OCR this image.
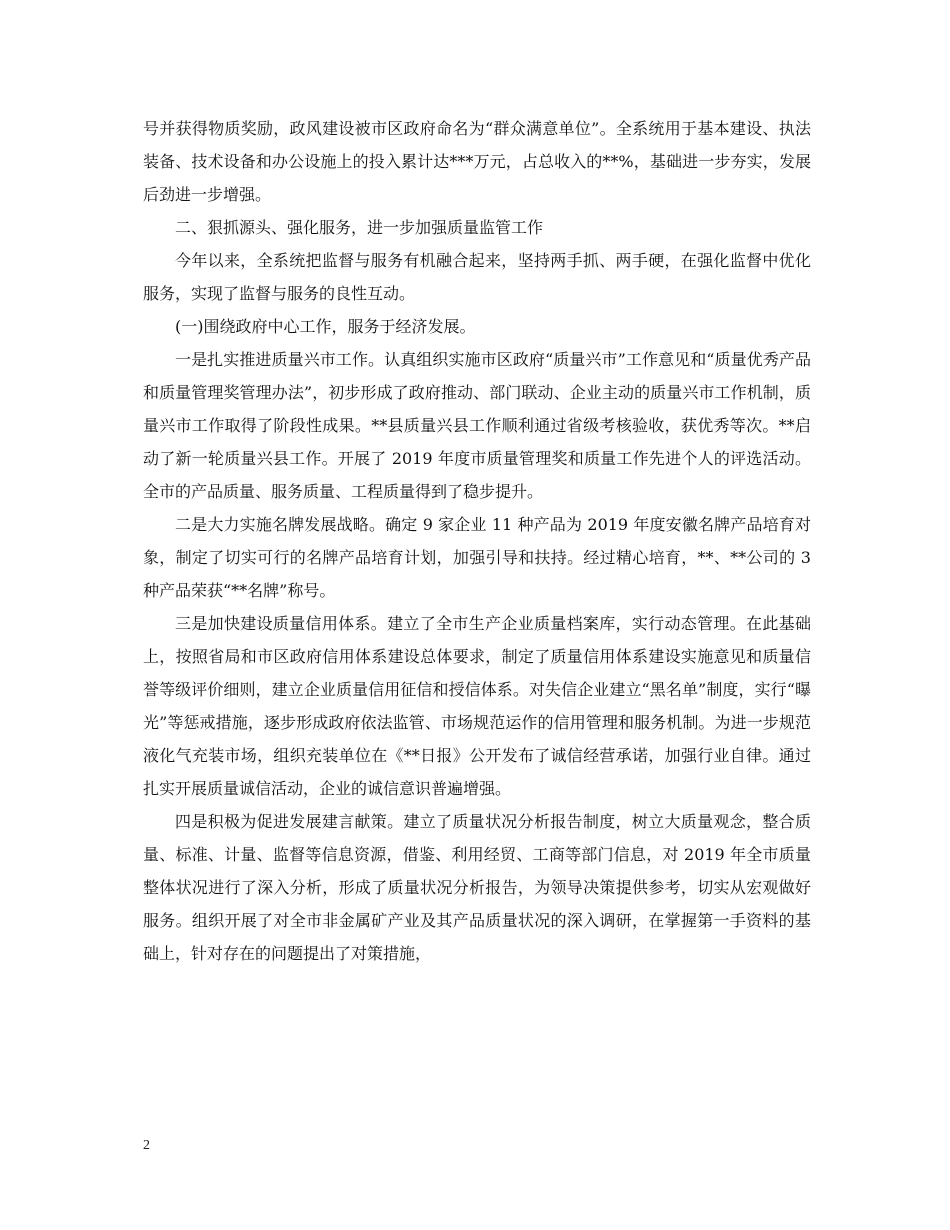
号并获得物质奖励，政风建设被市区政府命名为“群众满意单位”。全系统用于基本建设、执法装备、技术设备和办公设施上的投入累计达***万元，占总收入的**%，基础进一步夯实，发展后劲进一步增强。

二、狠抓源头、强化服务，进一步加强质量监管工作

今年以来，全系统把监督与服务有机融合起来，坚持两手抓、两手硬，在强化监督中优化服务，实现了监督与服务的良性互动。

(一)围绕政府中心工作，服务于经济发展。

一是扎实推进质量兴市工作。认真组织实施市区政府“质量兴市”工作意见和“质量优秀产品和质量管理奖管理办法”，初步形成了政府推动、部门联动、企业主动的质量兴市工作机制，质量兴市工作取得了阶段性成果。**县质量兴县工作顺利通过省级考核验收，获优秀等次。**启动了新一轮质量兴县工作。开展了 2019 年度市质量管理奖和质量工作先进个人的评选活动。全市的产品质量、服务质量、工程质量得到了稳步提升。

二是大力实施名牌发展战略。确定 9 家企业 11 种产品为 2019 年度安徽名牌产品培育对象，制定了切实可行的名牌产品培育计划，加强引导和扶持。经过精心培育，**、**公司的 3 种产品荣获“**名牌”称号。

三是加快建设质量信用体系。建立了全市生产企业质量档案库，实行动态管理。在此基础上，按照省局和市区政府信用体系建设总体要求，制定了质量信用体系建设实施意见和质量信誉等级评价细则，建立企业质量信用征信和授信体系。对失信企业建立“黑名单”制度，实行“曝光”等惩戒措施，逐步形成政府依法监管、市场规范运作的信用管理和服务机制。为进一步规范液化气充装市场，组织充装单位在《**日报》公开发布了诚信经营承诺，加强行业自律。通过扎实开展质量诚信活动，企业的诚信意识普遍增强。

四是积极为促进发展建言献策。建立了质量状况分析报告制度，树立大质量观念，整合质量、标准、计量、监督等信息资源，借鉴、利用经贸、工商等部门信息，对 2019 年全市质量整体状况进行了深入分析，形成了质量状况分析报告，为领导决策提供参考，切实从宏观做好服务。组织开展了对全市非金属矿产业及其产品质量状况的深入调研，在掌握第一手资料的基础上，针对存在的问题提出了对策措施，

2
